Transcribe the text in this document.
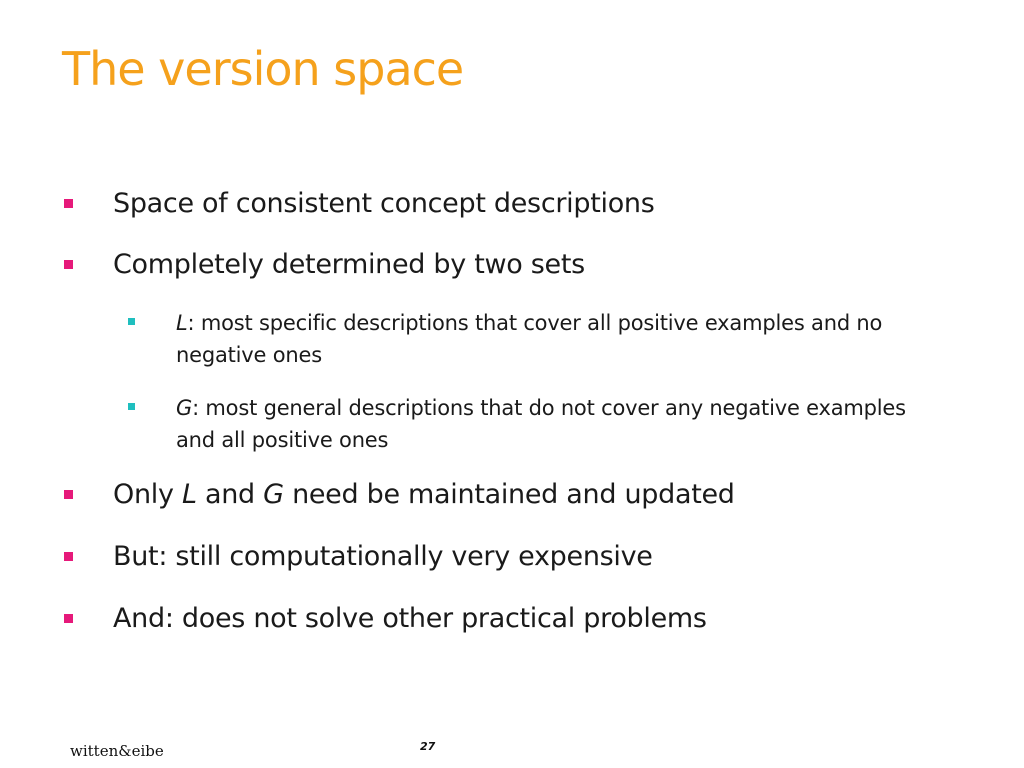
The version space
Space of consistent concept descriptions
Completely determined by two sets
L: most specific descriptions that cover all positive examples and no negative ones
G: most general descriptions that do not cover any negative examples and all positive ones
Only L and G need be maintained and updated
But: still computationally very expensive
And: does not solve other practical problems
witten&eibe	27
